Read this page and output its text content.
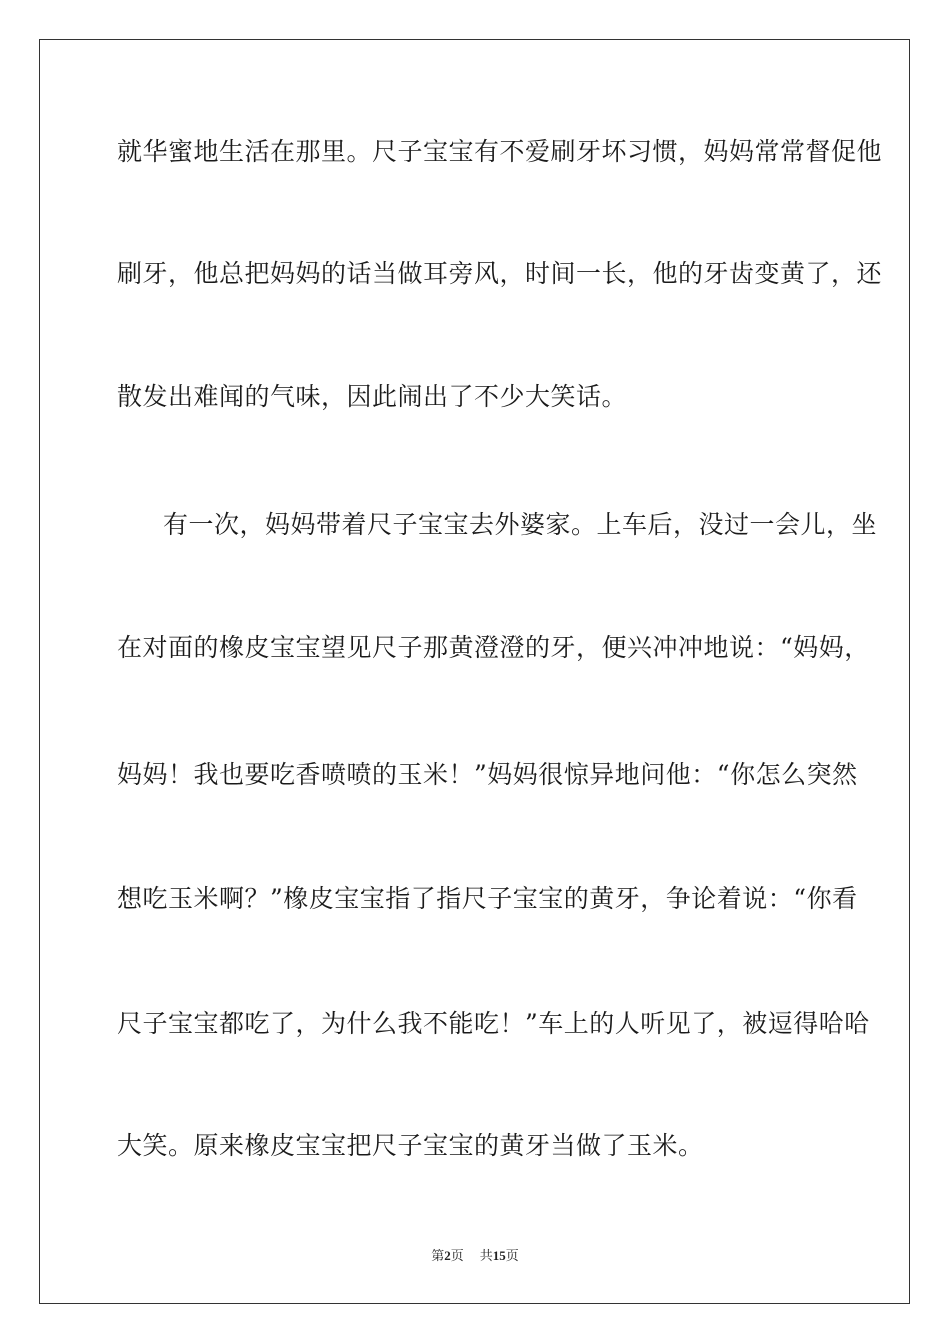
就华蜜地生活在那里。尺子宝宝有不爱刷牙坏习惯，妈妈常常督促他
刷牙，他总把妈妈的话当做耳旁风，时间一长，他的牙齿变黄了，还
散发出难闻的气味，因此闹出了不少大笑话。
有一次，妈妈带着尺子宝宝去外婆家。上车后，没过一会儿，坐
在对面的橡皮宝宝望见尺子那黄澄澄的牙，便兴冲冲地说：“妈妈，
妈妈！我也要吃香喷喷的玉米！”妈妈很惊异地问他：“你怎么突然
想吃玉米啊？”橡皮宝宝指了指尺子宝宝的黄牙，争论着说：“你看
尺子宝宝都吃了，为什么我不能吃！”车上的人听见了，被逗得哈哈
大笑。原来橡皮宝宝把尺子宝宝的黄牙当做了玉米。
第2页 共15页
